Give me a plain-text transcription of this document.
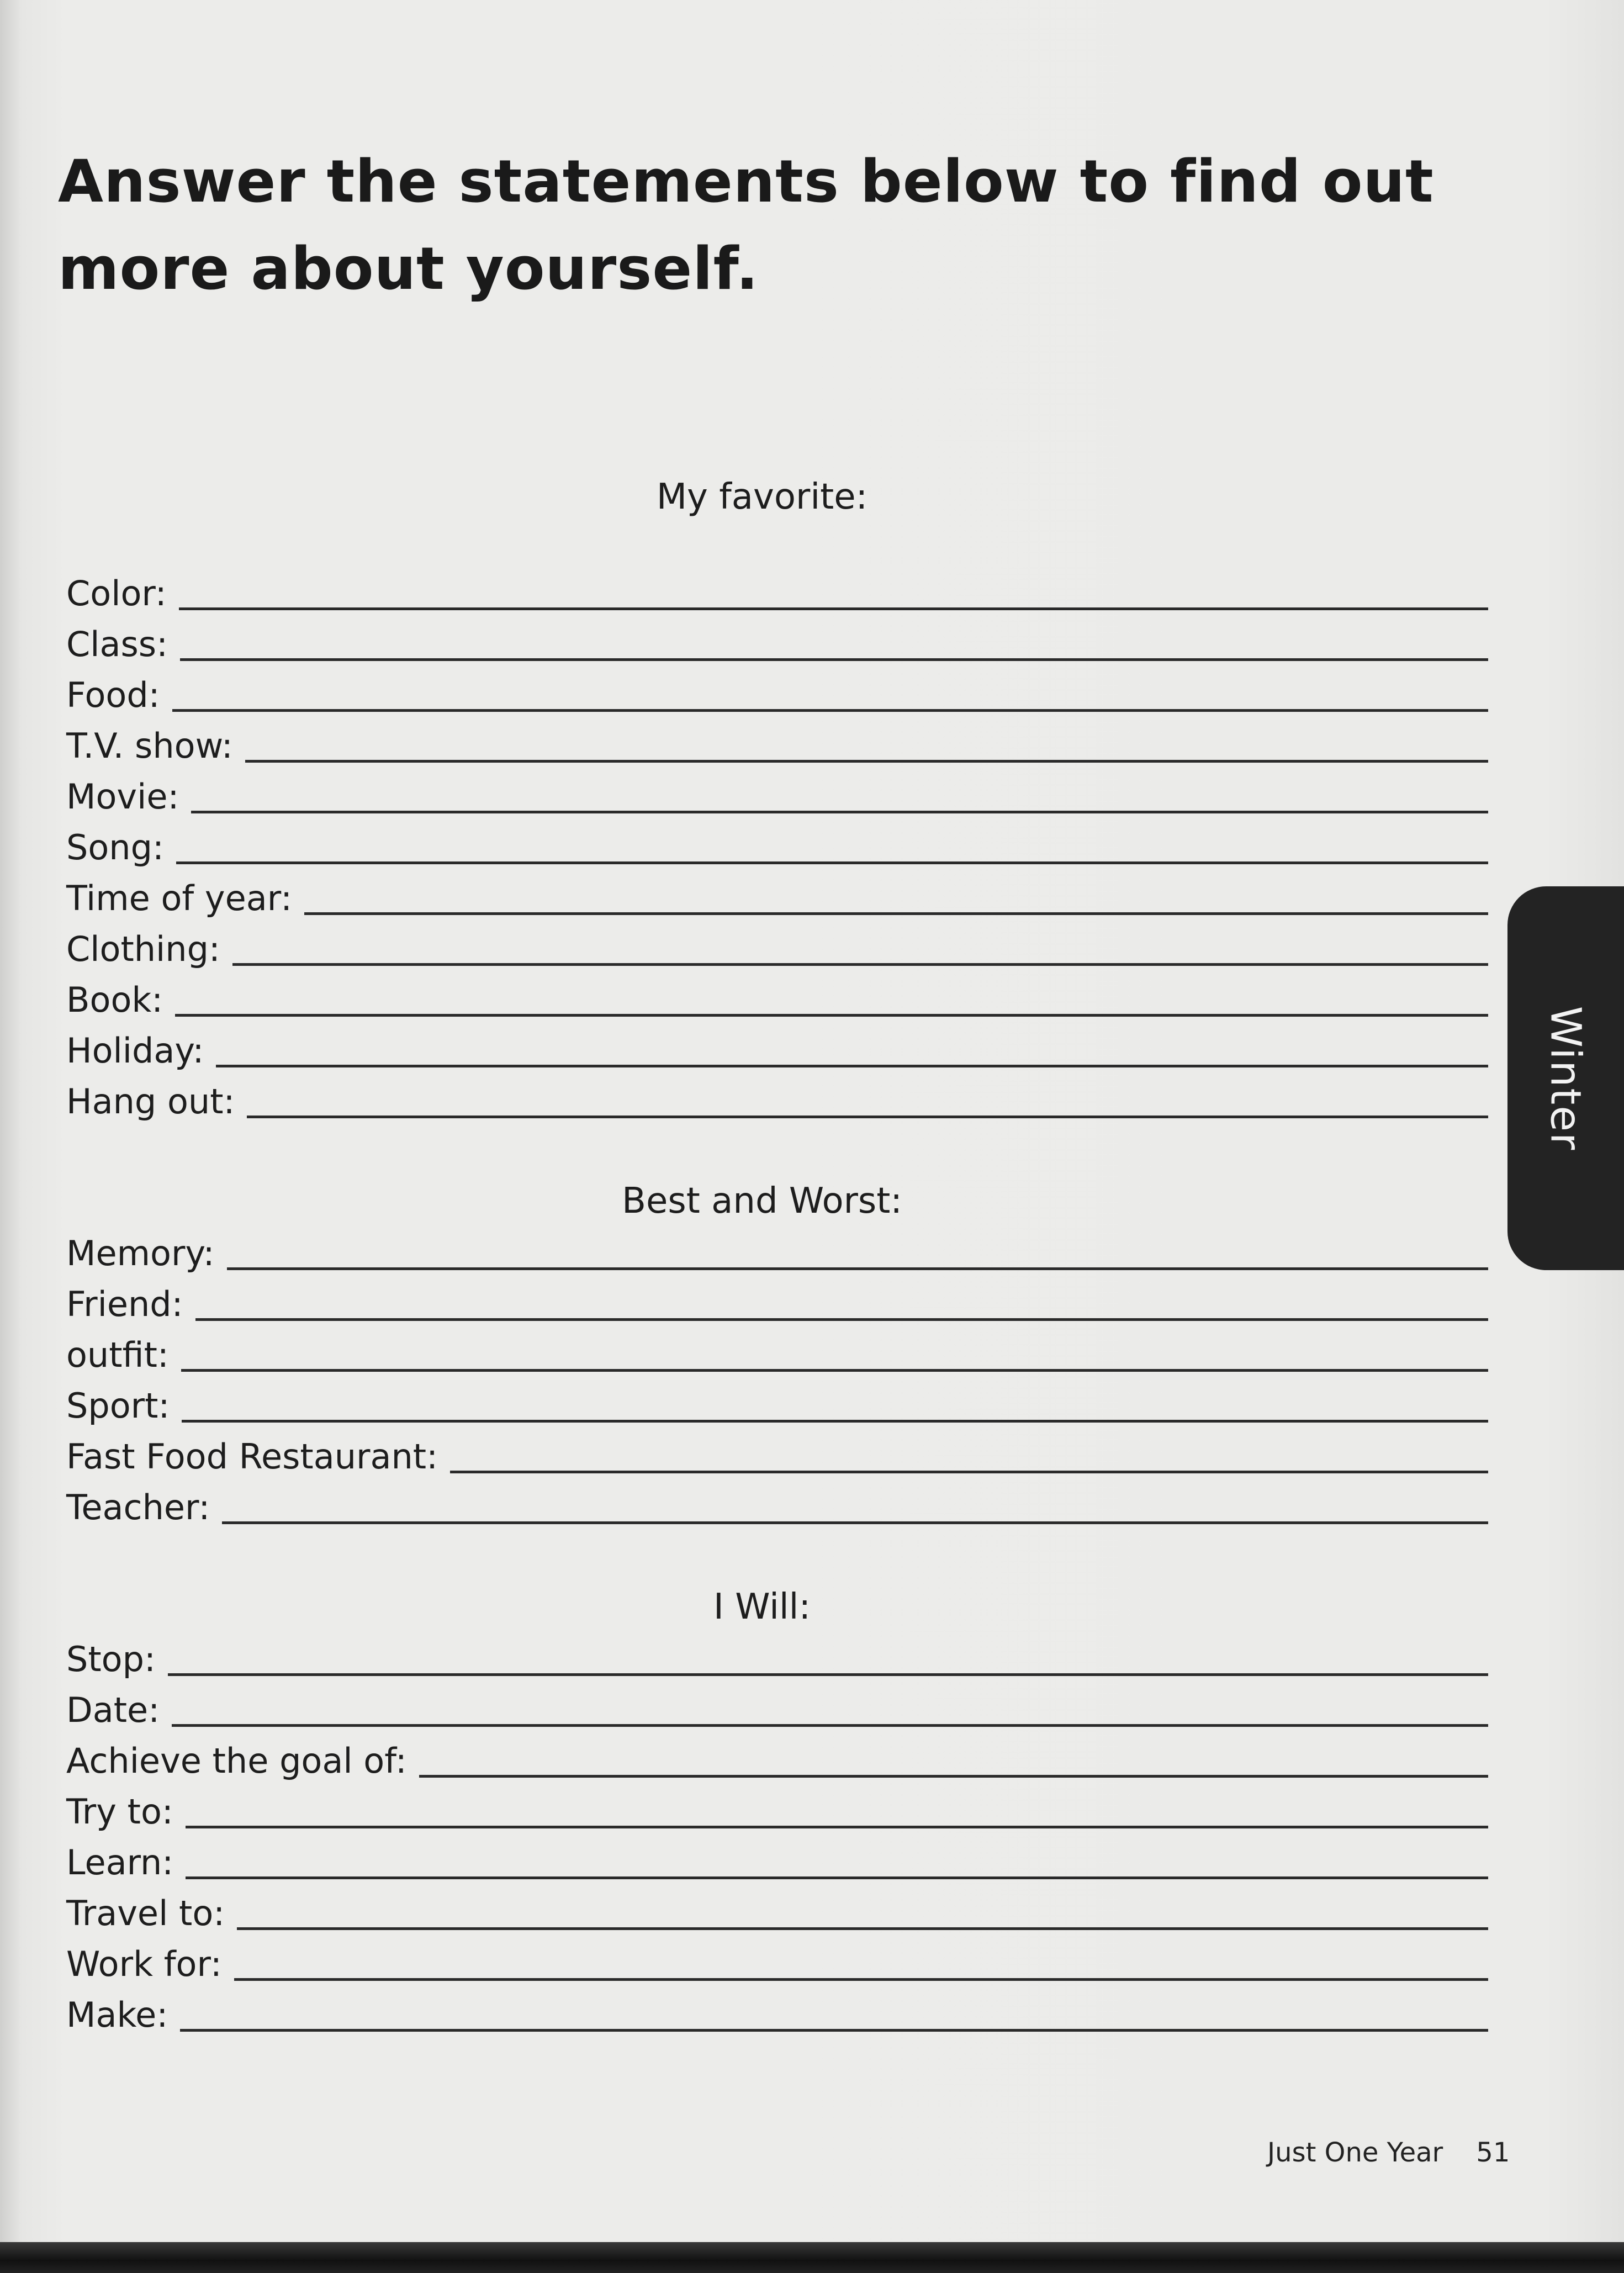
Answer the statements below to find out
more about yourself.
My favorite:
Color:
Class:
Food:
T.V. show:
Movie:
Song:
Time of year:
Clothing:
Book:
Holiday:
Hang out:
Best and Worst:
Memory:
Friend:
outfit:
Sport:
Fast Food Restaurant:
Teacher:
I Will:
Stop:
Date:
Achieve the goal of:
Try to:
Learn:
Travel to:
Work for:
Make:
Winter
Just One Year 51
